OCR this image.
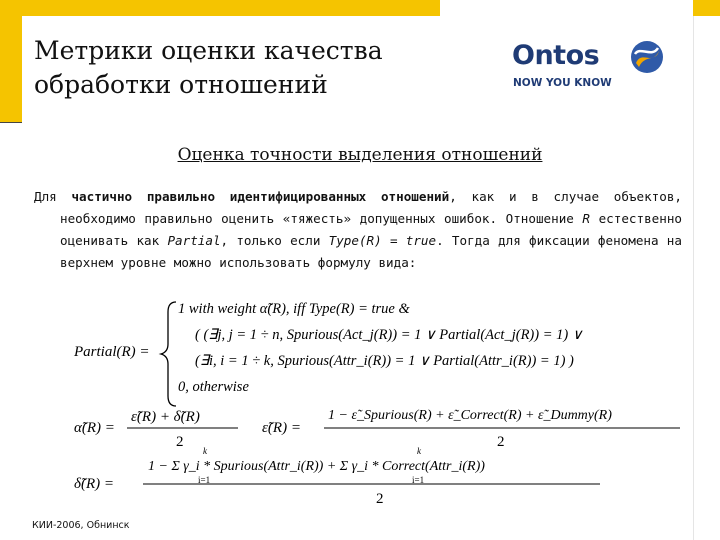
Метрики оценки качества
обработки отношений
Ontos
NOW YOU KNOW
Оценка точности выделения отношений

Для частично правильно идентифицированных отношений, как и в случае объектов, необходимо правильно оценить «тяжесть» допущенных ошибок. Отношение R естественно оценивать как Partial, только если Type(R) = true. Тогда для фиксации феномена на верхнем уровне можно использовать формулу вида:

Partial(R) =
1 with weight α̃(R), iff Type(R) = true &
( (∃j, j = 1 ÷ n, Spurious(Act_j(R)) = 1 ∨ Partial(Act_j(R)) = 1) ∨
(∃i, i = 1 ÷ k, Spurious(Attr_i(R)) = 1 ∨ Partial(Attr_i(R)) = 1) )
0, otherwise
α̃(R) =
ε̃(R) + δ̃(R)
2
ε̃(R) =
1 − ε̃_Spurious(R) + ε̃_Correct(R) + ε̃_Dummy(R)
2
δ̃(R) =
k
i=1
k
i=1
1 − Σ γ_i * Spurious(Attr_i(R)) + Σ γ_i * Correct(Attr_i(R))
2
КИИ-2006, Обнинск
